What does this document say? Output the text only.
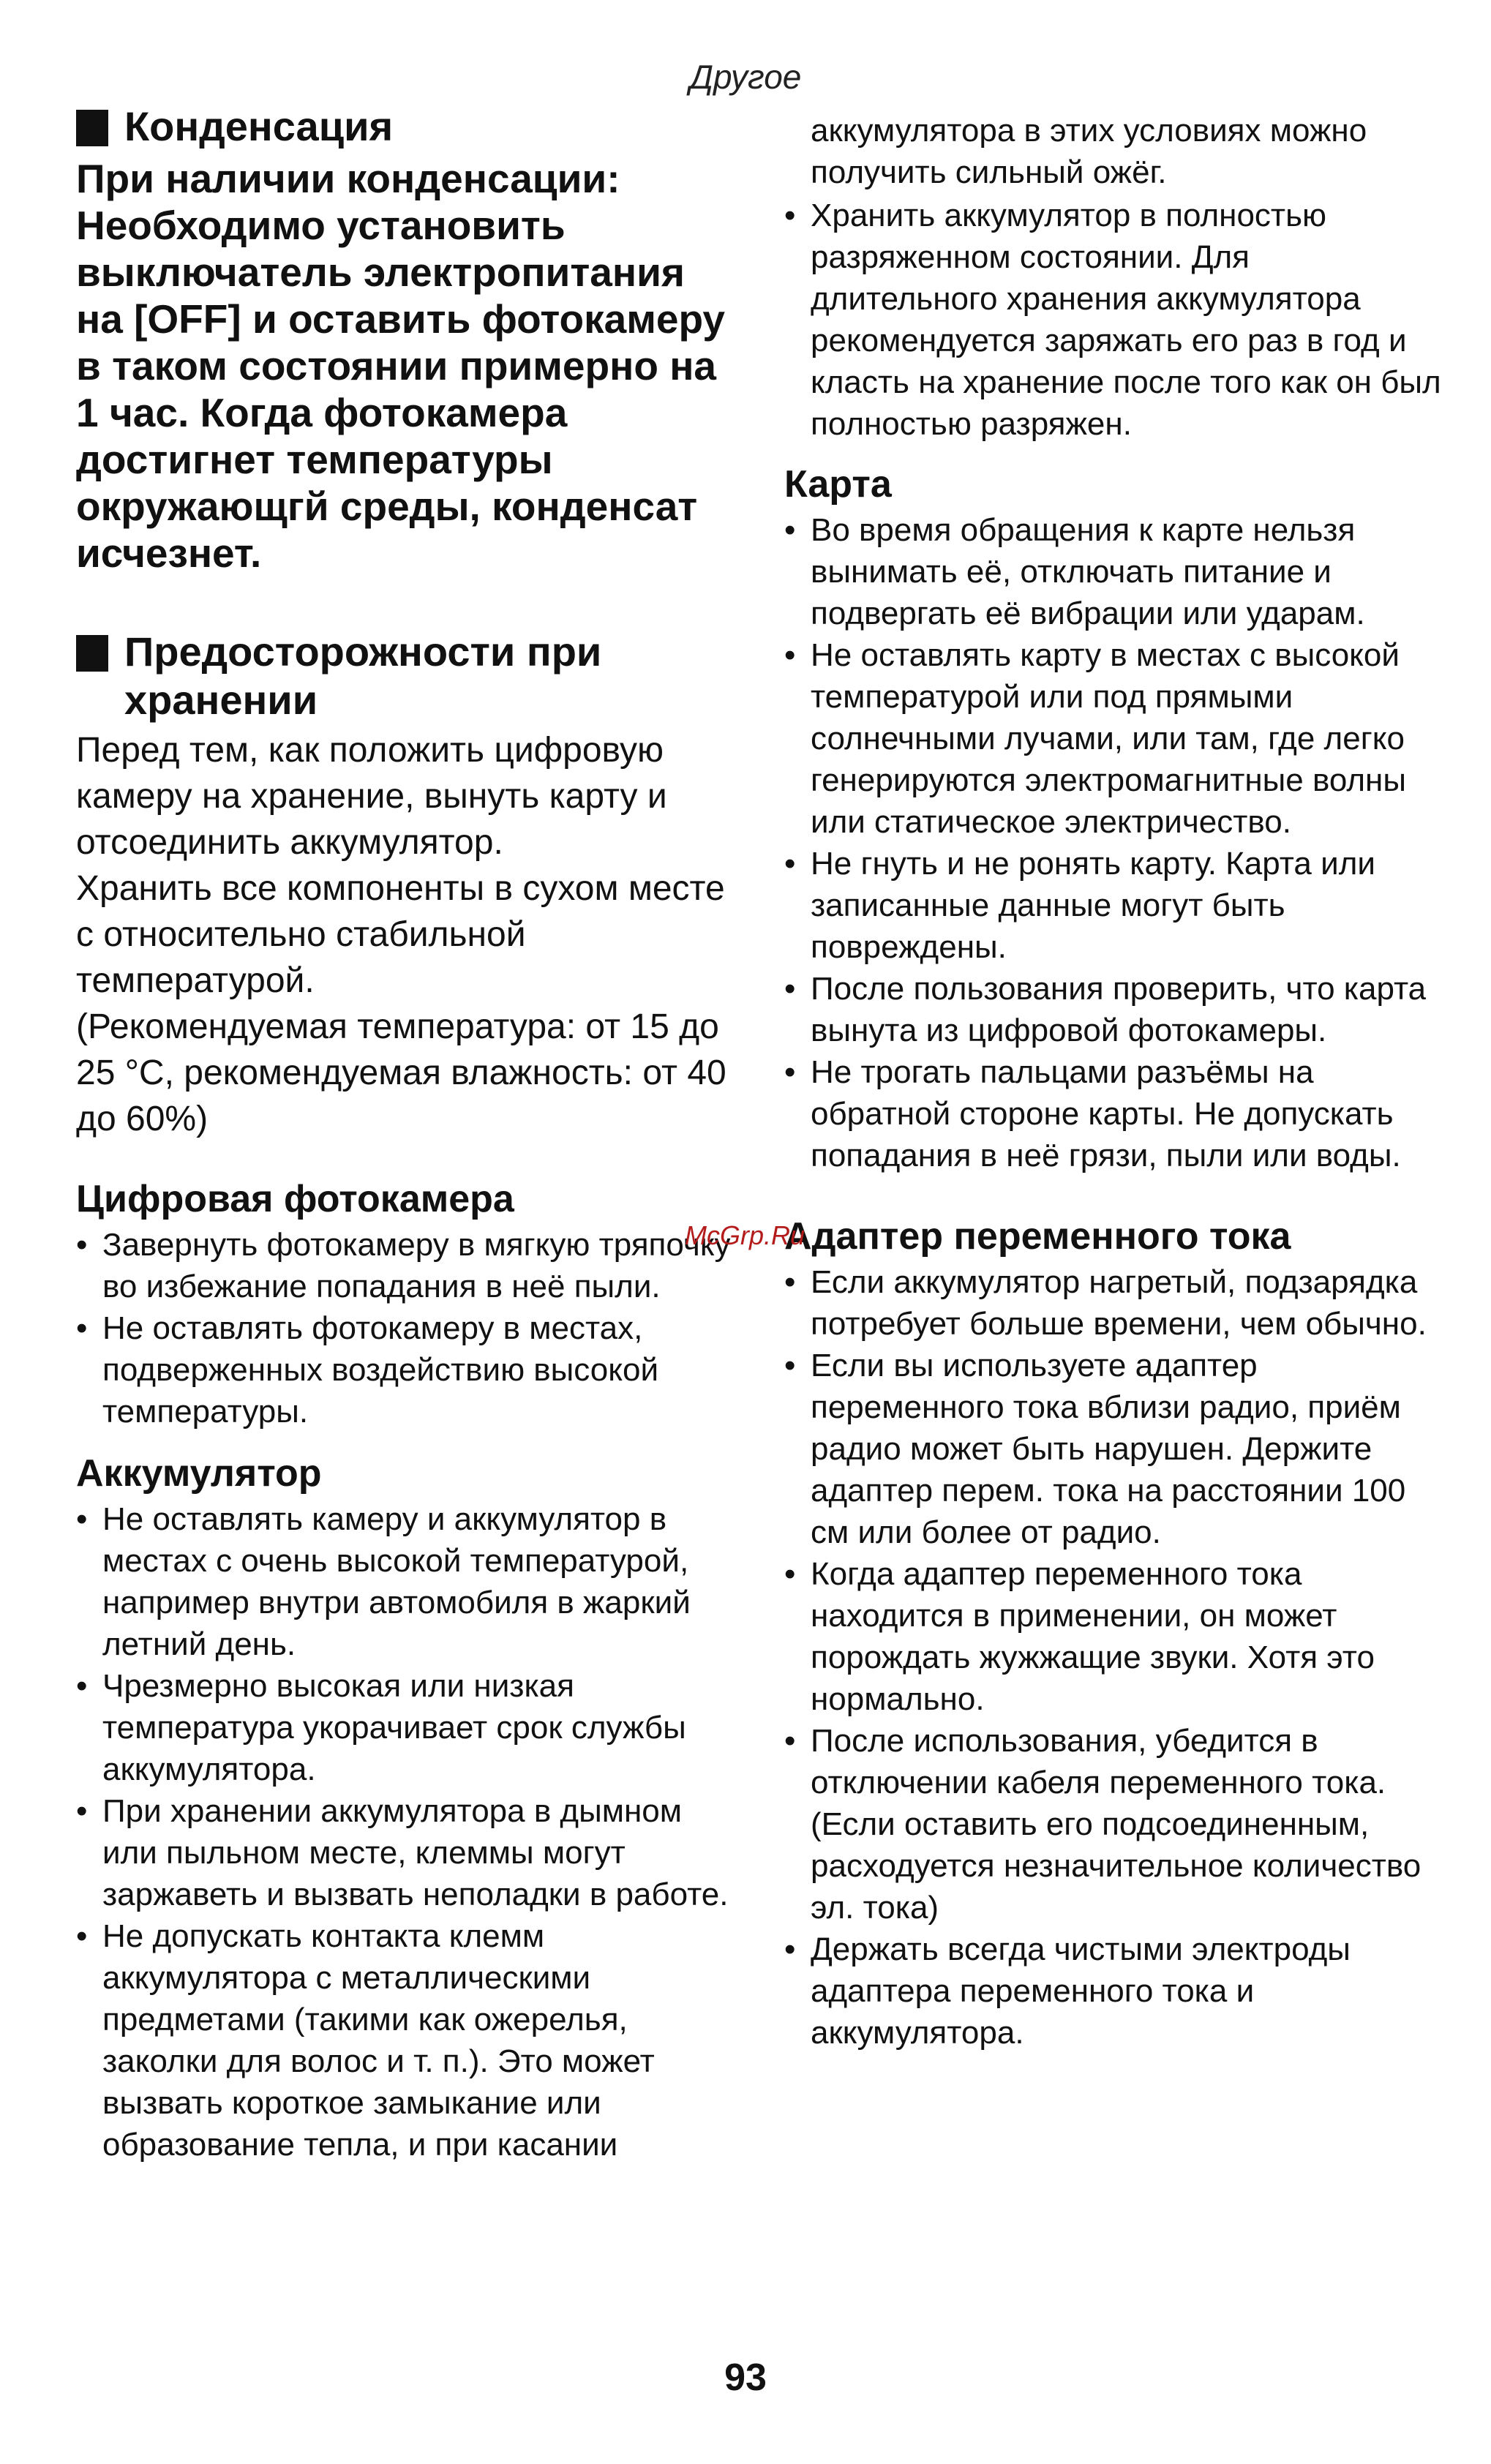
Другое
Конденсация

При наличии конденсации: Необходимо установить выключатель электропитания на [OFF] и оставить фотокамеру в таком состоянии примерно на 1 час. Когда фотокамера достигнет температуры окружающгй среды, конденсат исчезнет.

Предосторожности при хранении

Перед тем, как положить цифровую камеру на хранение, вынуть карту и отсоединить аккумулятор.

Хранить все компоненты в сухом месте с относительно стабильной температурой.

(Рекомендуемая температура: от 15 до 25 °C, рекомендуемая влажность: от 40 до 60%)

Цифровая фотокамера
• Завернуть фотокамеру в мягкую тряпочку во избежание попадания в неё пыли.
• Не оставлять фотокамеру в местах, подверженных воздействию высокой температуры.
Аккумулятор
• Не оставлять камеру и аккумулятор в местах с очень высокой температурой, например внутри автомобиля в жаркий летний день.
• Чрезмерно высокая или низкая температура укорачивает срок службы аккумулятора.
• При хранении аккумулятора в дымном или пыльном месте, клеммы могут заржаветь и вызвать неполадки в работе.
• Не допускать контакта клемм аккумулятора с металлическими предметами (такими как ожерелья, заколки для волос и т. п.). Это может вызвать короткое замыкание или образование тепла, и при касании

аккумулятора в этих условиях можно получить сильный ожёг.

• Хранить аккумулятор в полностью разряженном состоянии. Для длительного хранения аккумулятора рекомендуется заряжать его раз в год и класть на хранение после того как он был полностью разряжен.
Карта
• Во время обращения к карте нельзя вынимать её, отключать питание и подвергать её вибрации или ударам.
• Не оставлять карту в местах с высокой температурой или под прямыми солнечными лучами, или там, где легко генерируются электромагнитные волны или статическое электричество.
• Не гнуть и не ронять карту. Карта или записанные данные могут быть повреждены.
• После пользования проверить, что карта вынута из цифровой фотокамеры.
• Не трогать пальцами разъёмы на обратной стороне карты. Не допускать попадания в неё грязи, пыли или воды.
Адаптер переменного тока
• Если аккумулятор нагретый, подзарядка потребует больше времени, чем обычно.
• Если вы используете адаптер переменного тока вблизи радио, приём радио может быть нарушен. Держите адаптер перем. тока на расстоянии 100 см или более от радио.
• Когда адаптер переменного тока находится в применении, он может порождать жужжащие звуки. Хотя это нормально.
• После использования, убедится в отключении кабеля переменного тока. (Если оставить его подсоединенным, расходуется незначительное количество эл. тока)
• Держать всегда чистыми электроды адаптера переменного тока и аккумулятора.
McGrp.Ru
93
